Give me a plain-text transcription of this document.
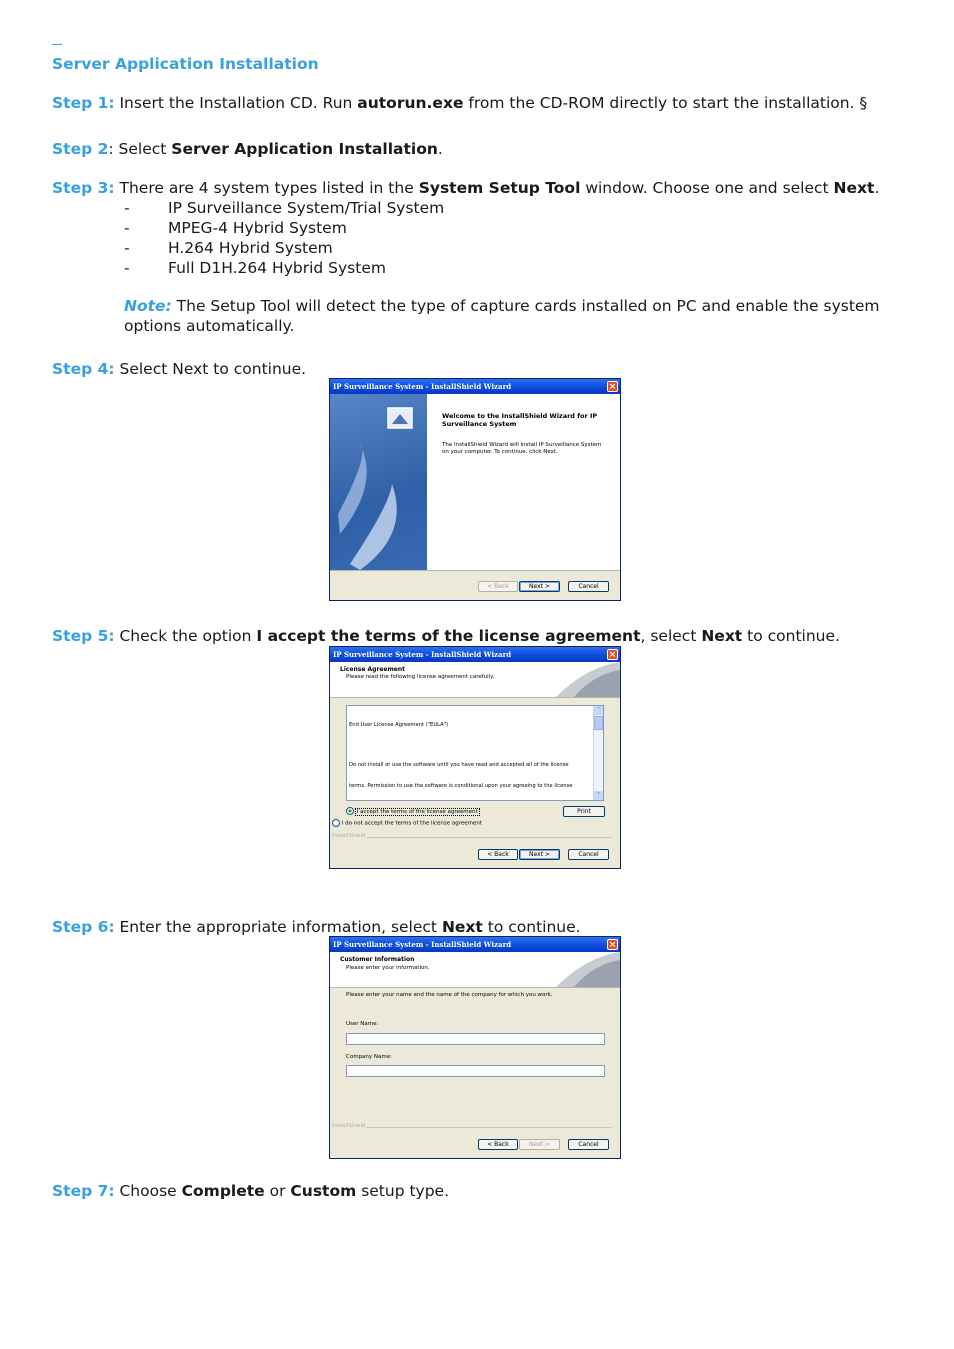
Server Application Installation
Step 1: Insert the Installation CD. Run autorun.exe from the CD-ROM directly to start the installation. §
Step 2: Select Server Application Installation.
Step 3: There are 4 system types listed in the System Setup Tool window. Choose one and select Next.
- IP Surveillance System/Trial System
- MPEG-4 Hybrid System
- H.264 Hybrid System
- Full D1H.264 Hybrid System
Note: The Setup Tool will detect the type of capture cards installed on PC and enable the system options automatically.
Step 4: Select Next to continue.
IP Surveillance System - InstallShield Wizard	×
Welcome to the InstallShield Wizard for IP
Surveillance System
The InstallShield Wizard will install IP Surveillance System
on your computer. To continue, click Next.
< Back	Next >	Cancel
Step 5: Check the option I accept the terms of the license agreement, select Next to continue.
IP Surveillance System - InstallShield Wizard	×
License Agreement
Please read the following license agreement carefully.

End User License Agreement ("EULA")

Do not install or use the software until you have read and accepted all of the license

terms. Permission to use the software is conditional upon your agreeing to the license

˄
˅
I accept the terms of the license agreement
I do not accept the terms of the license agreement
Print
InstallShield
< Back	Next >	Cancel
Step 6: Enter the appropriate information, select Next to continue.
IP Surveillance System - InstallShield Wizard	×
Customer Information
Please enter your information.
Please enter your name and the name of the company for which you work.
User Name:
Company Name:
InstallShield
< Back	Next >	Cancel
Step 7: Choose Complete or Custom setup type.
